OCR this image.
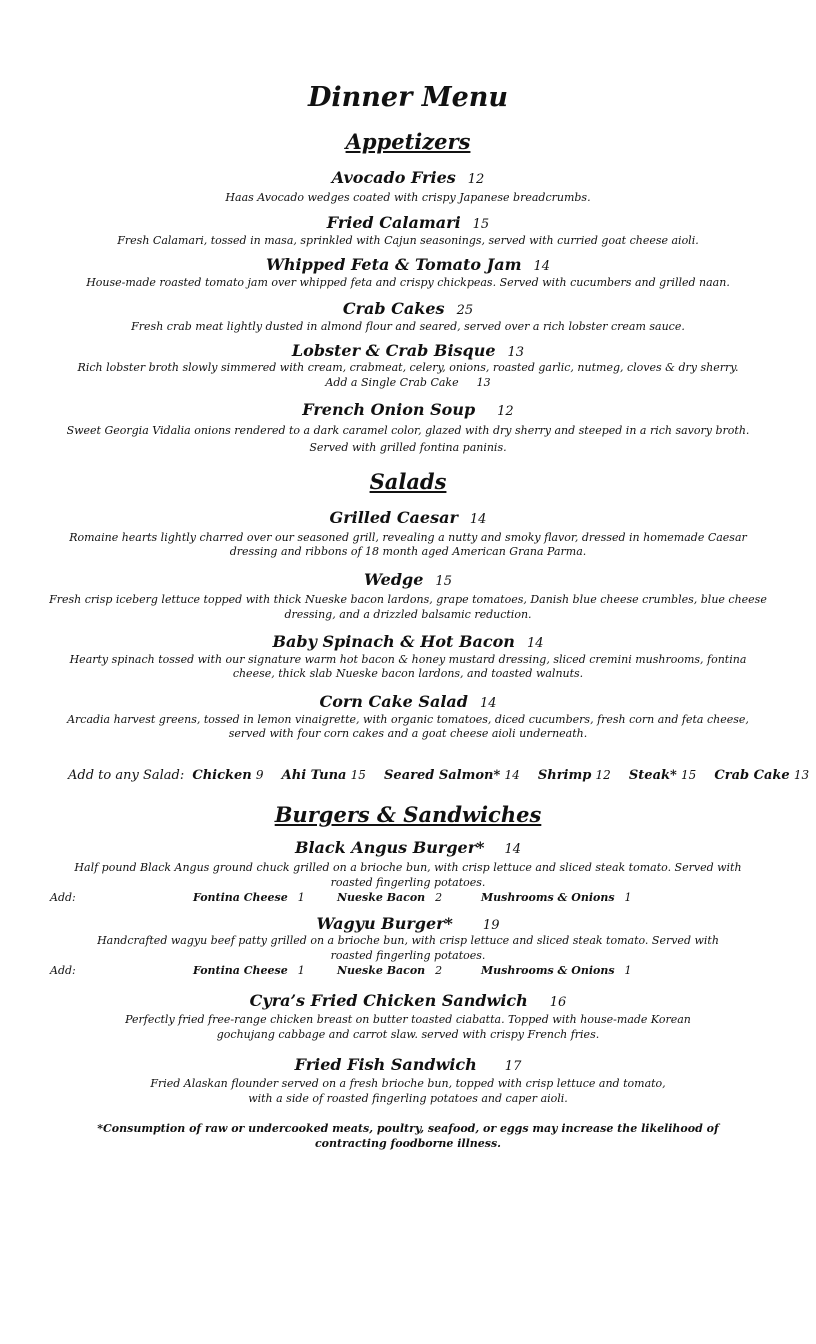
Dinner Menu
Appetizers
Avocado Fries 12
Haas Avocado wedges coated with crispy Japanese breadcrumbs.
Fried Calamari 15
Fresh Calamari, tossed in masa, sprinkled with Cajun seasonings, served with curried goat cheese aioli.
Whipped Feta & Tomato Jam 14
House-made roasted tomato jam over whipped feta and crispy chickpeas. Served with cucumbers and grilled naan.
Crab Cakes 25
Fresh crab meat lightly dusted in almond flour and seared, served over a rich lobster cream sauce.
Lobster & Crab Bisque 13
Rich lobster broth slowly simmered with cream, crabmeat, celery, onions, roasted garlic, nutmeg, cloves & dry sherry.
Add a Single Crab Cake 13
French Onion Soup 12
Sweet Georgia Vidalia onions rendered to a dark caramel color, glazed with dry sherry and steeped in a rich savory broth.
Served with grilled fontina paninis.
Salads
Grilled Caesar 14
Romaine hearts lightly charred over our seasoned grill, revealing a nutty and smoky flavor, dressed in homemade Caesar
dressing and ribbons of 18 month aged American Grana Parma.
Wedge 15
Fresh crisp iceberg lettuce topped with thick Nueske bacon lardons, grape tomatoes, Danish blue cheese crumbles, blue cheese
dressing, and a drizzled balsamic reduction.
Baby Spinach & Hot Bacon 14
Hearty spinach tossed with our signature warm hot bacon & honey mustard dressing, sliced cremini mushrooms, fontina
cheese, thick slab Nueske bacon lardons, and toasted walnuts.
Corn Cake Salad 14
Arcadia harvest greens, tossed in lemon vinaigrette, with organic tomatoes, diced cucumbers, fresh corn and feta cheese,
served with four corn cakes and a goat cheese aioli underneath.
Add to any Salad: Chicken 9 Ahi Tuna 15 Seared Salmon* 14 Shrimp 12 Steak* 15 Crab Cake 13
Burgers & Sandwiches
Black Angus Burger* 14
Half pound Black Angus ground chuck grilled on a brioche bun, with crisp lettuce and sliced steak tomato. Served with
roasted fingerling potatoes.
Add:	Fontina Cheese 1	Nueske Bacon 2	Mushrooms & Onions 1
Wagyu Burger* 19
Handcrafted wagyu beef patty grilled on a brioche bun, with crisp lettuce and sliced steak tomato. Served with
roasted fingerling potatoes.
Add:	Fontina Cheese 1	Nueske Bacon 2	Mushrooms & Onions 1
Cyra’s Fried Chicken Sandwich 16
Perfectly fried free-range chicken breast on butter toasted ciabatta. Topped with house-made Korean
gochujang cabbage and carrot slaw. served with crispy French fries.
Fried Fish Sandwich 17
Fried Alaskan flounder served on a fresh brioche bun, topped with crisp lettuce and tomato,
with a side of roasted fingerling potatoes and caper aioli.
*Consumption of raw or undercooked meats, poultry, seafood, or eggs may increase the likelihood of
contracting foodborne illness.
